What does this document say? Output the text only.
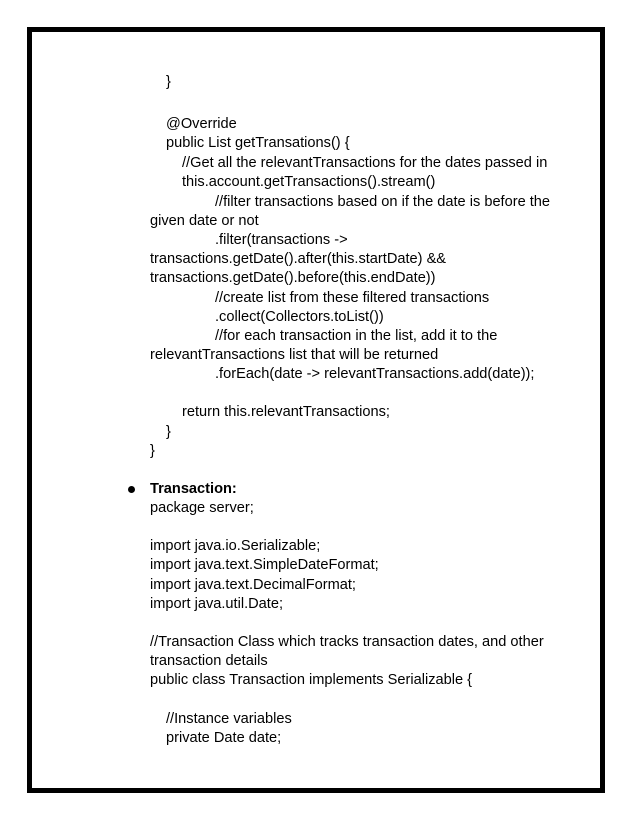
}
@Override
public List getTransations() {
//Get all the relevantTransactions for the dates passed in
this.account.getTransactions().stream()
//filter transactions based on if the date is before the
given date or not
.filter(transactions ->
transactions.getDate().after(this.startDate) &&
transactions.getDate().before(this.endDate))
//create list from these filtered transactions
.collect(Collectors.toList())
//for each transaction in the list, add it to the
relevantTransactions list that will be returned
.forEach(date -> relevantTransactions.add(date));
return this.relevantTransactions;
}
}
Transaction:
package server;
import java.io.Serializable;
import java.text.SimpleDateFormat;
import java.text.DecimalFormat;
import java.util.Date;
//Transaction Class which tracks transaction dates, and other
transaction details
public class Transaction implements Serializable {
//Instance variables
private Date date;
